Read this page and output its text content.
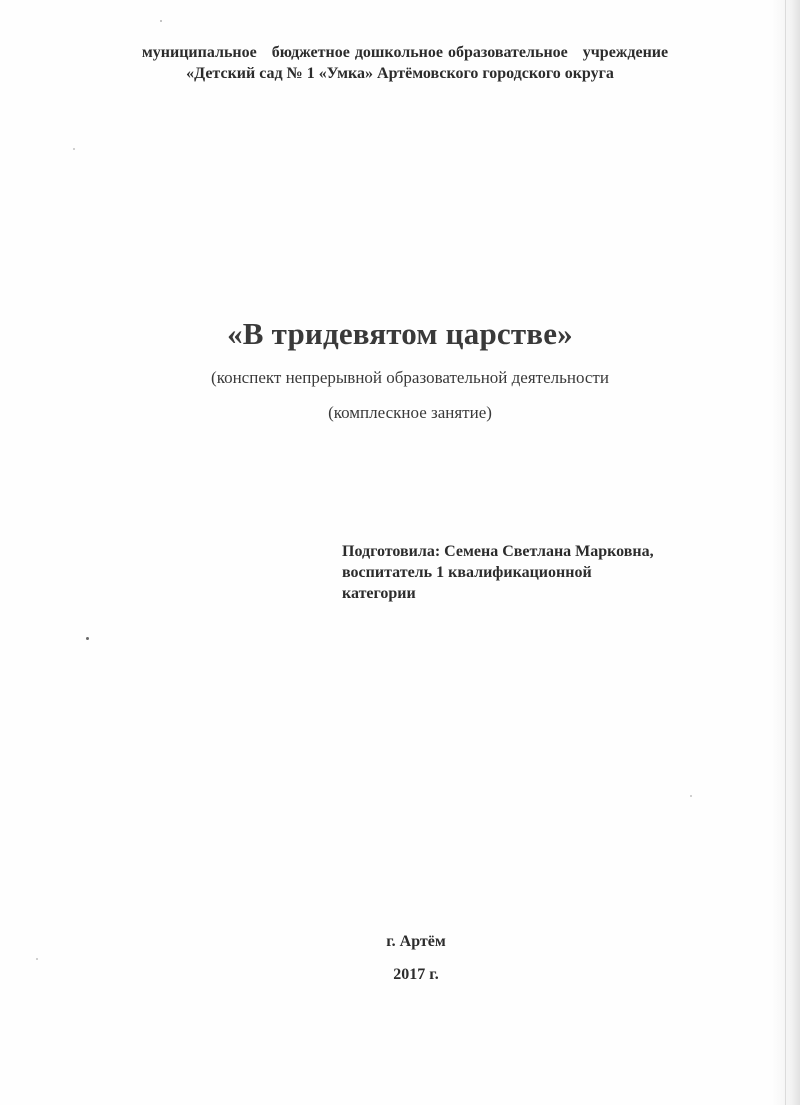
муниципальное   бюджетное дошкольное образовательное   учреждение
«Детский сад № 1 «Умка» Артёмовского городского округа
«В тридевятом царстве»
(конспект непрерывной образовательной деятельности
(комплескное занятие)
Подготовила: Семена Светлана Марковна,
воспитатель 1 квалификационной
категории
г. Артём
2017 г.
